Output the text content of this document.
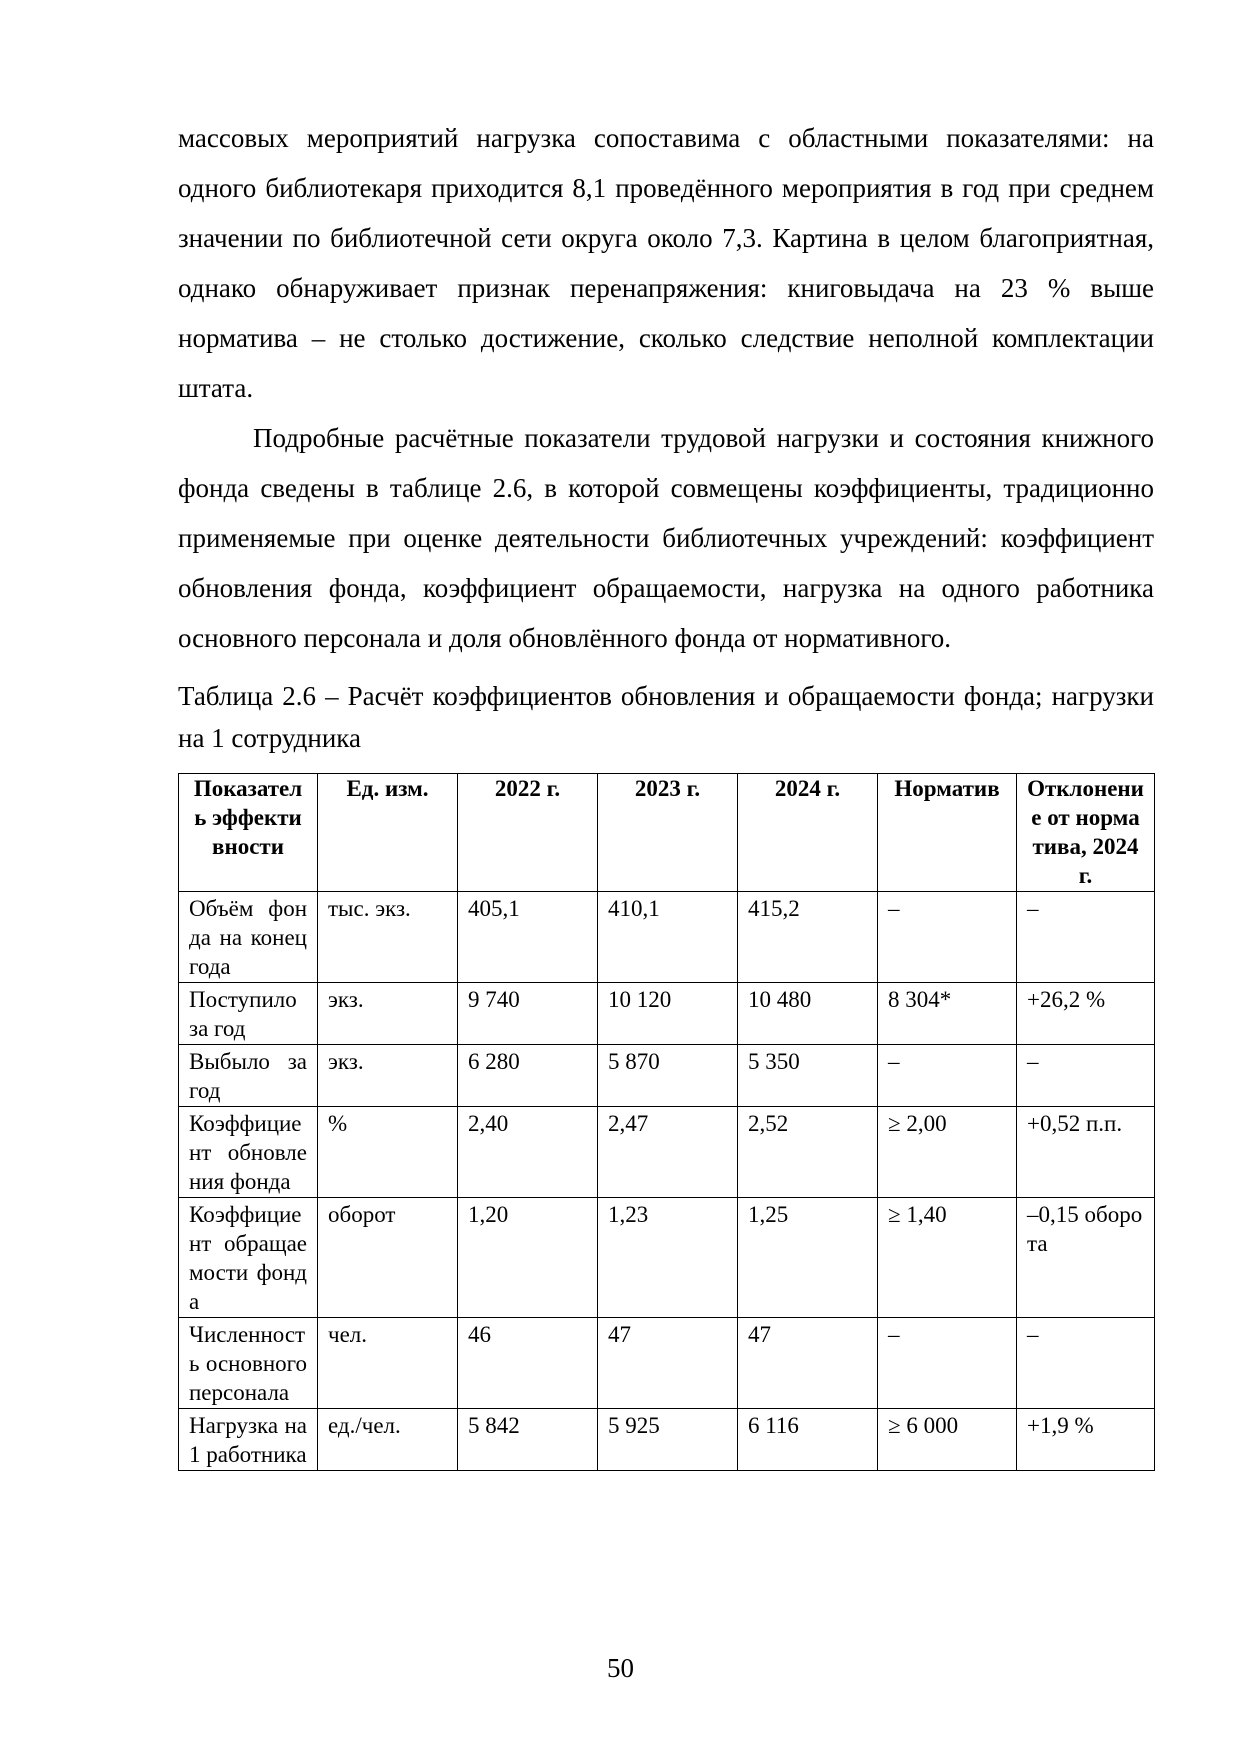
массовых мероприятий нагрузка сопоставима с областными показателями: на одного библиотекаря приходится 8,1 проведённого мероприятия в год при среднем значении по библиотечной сети округа около 7,3. Картина в целом благоприятная, однако обнаруживает признак перенапряжения: книговыдача на 23 % выше норматива – не столько достижение, сколько следствие неполной комплектации штата.

Подробные расчётные показатели трудовой нагрузки и состояния книжного фонда сведены в таблице 2.6, в которой совмещены коэффициенты, традиционно применяемые при оценке деятельности библиотечных учреждений: коэффициент обновления фонда, коэффициент обращаемости, нагрузка на одного работника основного персонала и доля обновлённого фонда от нормативного.

Таблица 2.6 – Расчёт коэффициентов обновления и обращаемости фонда; нагрузки на 1 сотрудника

Показатель эффективности	Ед. изм.	2022 г.	2023 г.	2024 г.	Норматив	Отклонение от норматива, 2024 г.
Объём фонда на конец года	тыс. экз.	405,1	410,1	415,2	–	–
Поступило за год	экз.	9 740	10 120	10 480	8 304*	+26,2 %
Выбыло за год	экз.	6 280	5 870	5 350	–	–
Коэффициент обновления фонда	%	2,40	2,47	2,52	≥ 2,00	+0,52 п.п.
Коэффициент обращаемости фонда	оборот	1,20	1,23	1,25	≥ 1,40	–0,15 оборота
Численность основного персонала	чел.	46	47	47	–	–
Нагрузка на 1 работника	ед./чел.	5 842	5 925	6 116	≥ 6 000	+1,9 %
50
